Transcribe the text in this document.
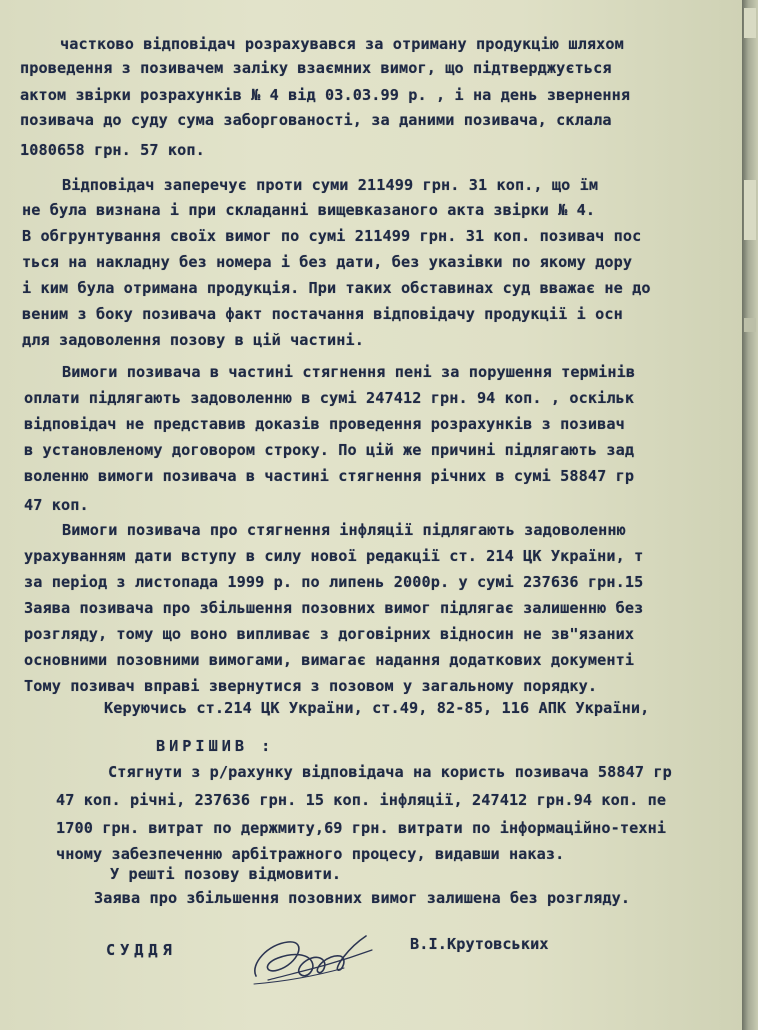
частково відповідач розрахувався за отриману продукцію шляхом
проведення з позивачем заліку взаємних вимог, що підтверджується
актом звірки розрахунків № 4 від 03.03.99 р. , і на день звернення
позивача до суду сума заборгованості, за даними позивача, склала
1080658 грн. 57 коп.
Відповідач заперечує проти суми 211499 грн. 31 коп., що їм
не була визнана і при складанні вищевказаного акта звірки № 4.
В обгрунтування своїх вимог по сумі 211499 грн. 31 коп. позивач пос
ться на накладну без номера і без дати, без указівки по якому дору
і ким була отримана продукція. При таких обставинах суд вважає не до
веним з боку позивача факт постачання відповідачу продукції і осн
для задоволення позову в цій частині.
Вимоги позивача в частині стягнення пені за порушення термінів
оплати підлягають задоволенню в сумі 247412 грн. 94 коп. , оскільк
відповідач не представив доказів проведення розрахунків з позивач
в установленому договором строку. По цій же причині підлягають зад
воленню вимоги позивача в частині стягнення річних в сумі 58847 гр
47 коп.
Вимоги позивача про стягнення інфляції підлягають задоволенню
урахуванням дати вступу в силу нової редакції ст. 214 ЦК України, т
за період з листопада 1999 р. по липень 2000р. у сумі 237636 грн.15
Заява позивача про збільшення позовних вимог підлягає залишенню без
розгляду, тому що воно випливає з договірних відносин не зв"язаних
основними позовними вимогами, вимагає надання додаткових документі
Тому позивач вправі звернутися з позовом у загальному порядку.
Керуючись ст.214 ЦК України, ст.49, 82-85, 116 АПК України,
ВИРІШИВ :
Стягнути з р/рахунку відповідача на користь позивача 58847 гр
47 коп. річні, 237636 грн. 15 коп. інфляції, 247412 грн.94 коп. пе
1700 грн. витрат по держмиту,69 грн. витрати по інформаційно-техні
чному забезпеченню арбітражного процесу, видавши наказ.
У решті позову відмовити.
Заява про збільшення позовних вимог залишена без розгляду.
СУДДЯ	В.І.Крутовських
